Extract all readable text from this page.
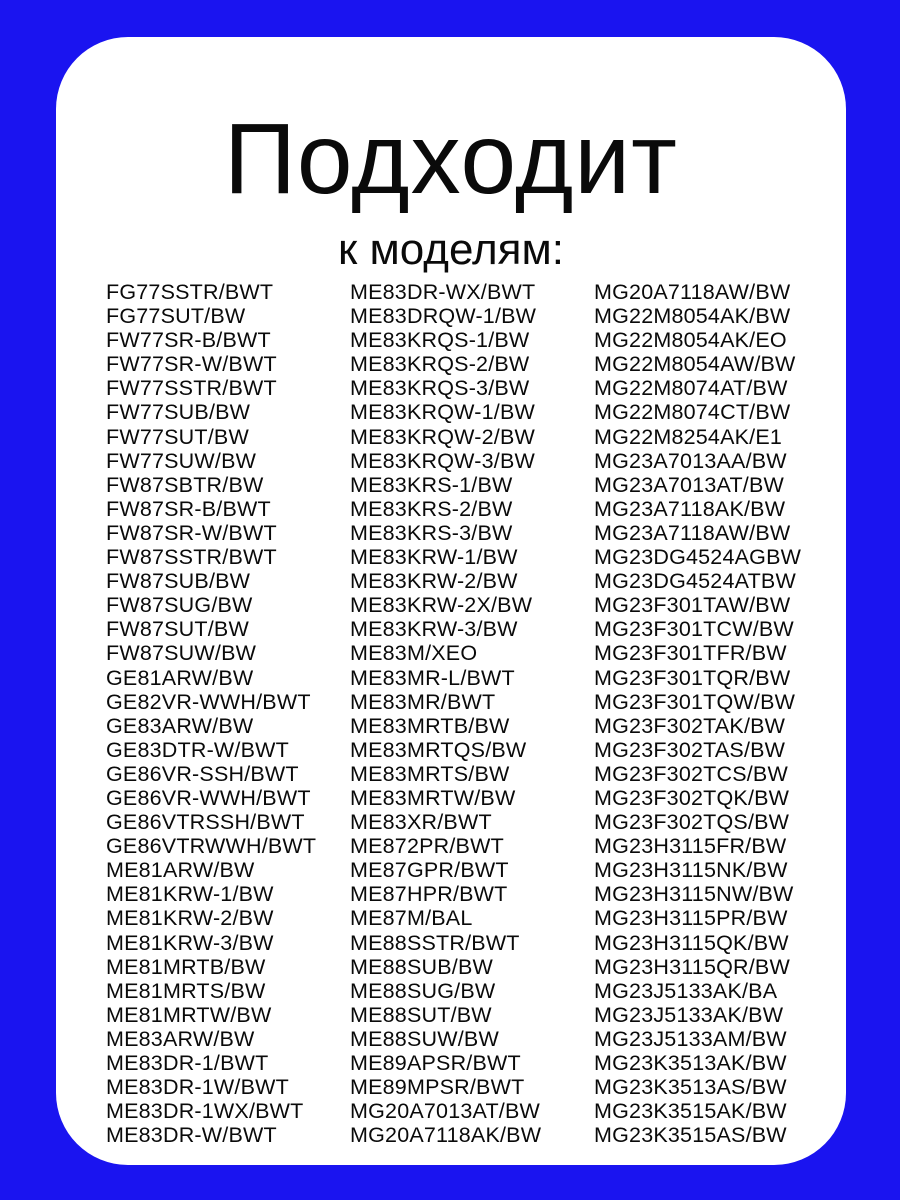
Подходит
к моделям:
FG77SSTR/BWT
FG77SUT/BW
FW77SR-B/BWT
FW77SR-W/BWT
FW77SSTR/BWT
FW77SUB/BW
FW77SUT/BW
FW77SUW/BW
FW87SBTR/BW
FW87SR-B/BWT
FW87SR-W/BWT
FW87SSTR/BWT
FW87SUB/BW
FW87SUG/BW
FW87SUT/BW
FW87SUW/BW
GE81ARW/BW
GE82VR-WWH/BWT
GE83ARW/BW
GE83DTR-W/BWT
GE86VR-SSH/BWT
GE86VR-WWH/BWT
GE86VTRSSH/BWT
GE86VTRWWH/BWT
ME81ARW/BW
ME81KRW-1/BW
ME81KRW-2/BW
ME81KRW-3/BW
ME81MRTB/BW
ME81MRTS/BW
ME81MRTW/BW
ME83ARW/BW
ME83DR-1/BWT
ME83DR-1W/BWT
ME83DR-1WX/BWT
ME83DR-W/BWT
ME83DR-WX/BWT
ME83DRQW-1/BW
ME83KRQS-1/BW
ME83KRQS-2/BW
ME83KRQS-3/BW
ME83KRQW-1/BW
ME83KRQW-2/BW
ME83KRQW-3/BW
ME83KRS-1/BW
ME83KRS-2/BW
ME83KRS-3/BW
ME83KRW-1/BW
ME83KRW-2/BW
ME83KRW-2X/BW
ME83KRW-3/BW
ME83M/XEO
ME83MR-L/BWT
ME83MR/BWT
ME83MRTB/BW
ME83MRTQS/BW
ME83MRTS/BW
ME83MRTW/BW
ME83XR/BWT
ME872PR/BWT
ME87GPR/BWT
ME87HPR/BWT
ME87M/BAL
ME88SSTR/BWT
ME88SUB/BW
ME88SUG/BW
ME88SUT/BW
ME88SUW/BW
ME89APSR/BWT
ME89MPSR/BWT
MG20A7013AT/BW
MG20A7118AK/BW
MG20A7118AW/BW
MG22M8054AK/BW
MG22M8054AK/EO
MG22M8054AW/BW
MG22M8074AT/BW
MG22M8074CT/BW
MG22M8254AK/E1
MG23A7013AA/BW
MG23A7013AT/BW
MG23A7118AK/BW
MG23A7118AW/BW
MG23DG4524AGBW
MG23DG4524ATBW
MG23F301TAW/BW
MG23F301TCW/BW
MG23F301TFR/BW
MG23F301TQR/BW
MG23F301TQW/BW
MG23F302TAK/BW
MG23F302TAS/BW
MG23F302TCS/BW
MG23F302TQK/BW
MG23F302TQS/BW
MG23H3115FR/BW
MG23H3115NK/BW
MG23H3115NW/BW
MG23H3115PR/BW
MG23H3115QK/BW
MG23H3115QR/BW
MG23J5133AK/BA
MG23J5133AK/BW
MG23J5133AM/BW
MG23K3513AK/BW
MG23K3513AS/BW
MG23K3515AK/BW
MG23K3515AS/BW
